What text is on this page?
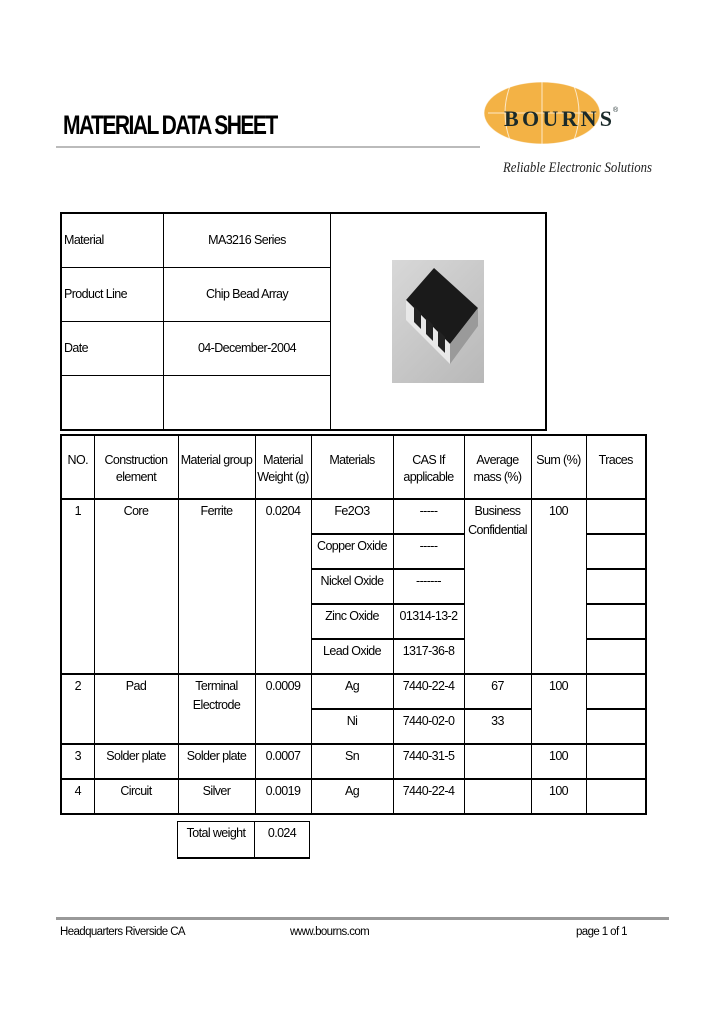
MATERIAL DATA SHEET	BOURNS ®
Reliable Electronic Solutions
Material	MA3216 Series	

Product Line	Chip Bead Array	
Date	04-December-2004	

NO.	Construction element	Material group	Material Weight (g)	Materials	CAS If applicable	Average mass (%)	Sum (%)	Traces
1	Core	Ferrite	0.0204	Fe2O3	-----	Business Confidential	100	
				Copper Oxide	-----			
				Nickel Oxide	-------			
				Zinc Oxide	01314-13-2			
				Lead Oxide	1317-36-8			
2	Pad	Terminal Electrode	0.0009	Ag	7440-22-4	67	100	
				Ni	7440-02-0	33		
3	Solder plate	Solder plate	0.0007	Sn	7440-31-5		100	
4	Circuit	Silver	0.0019	Ag	7440-22-4		100	
Total weight	0.024
Headquarters Riverside CA	www.bourns.com	page 1 of 1
